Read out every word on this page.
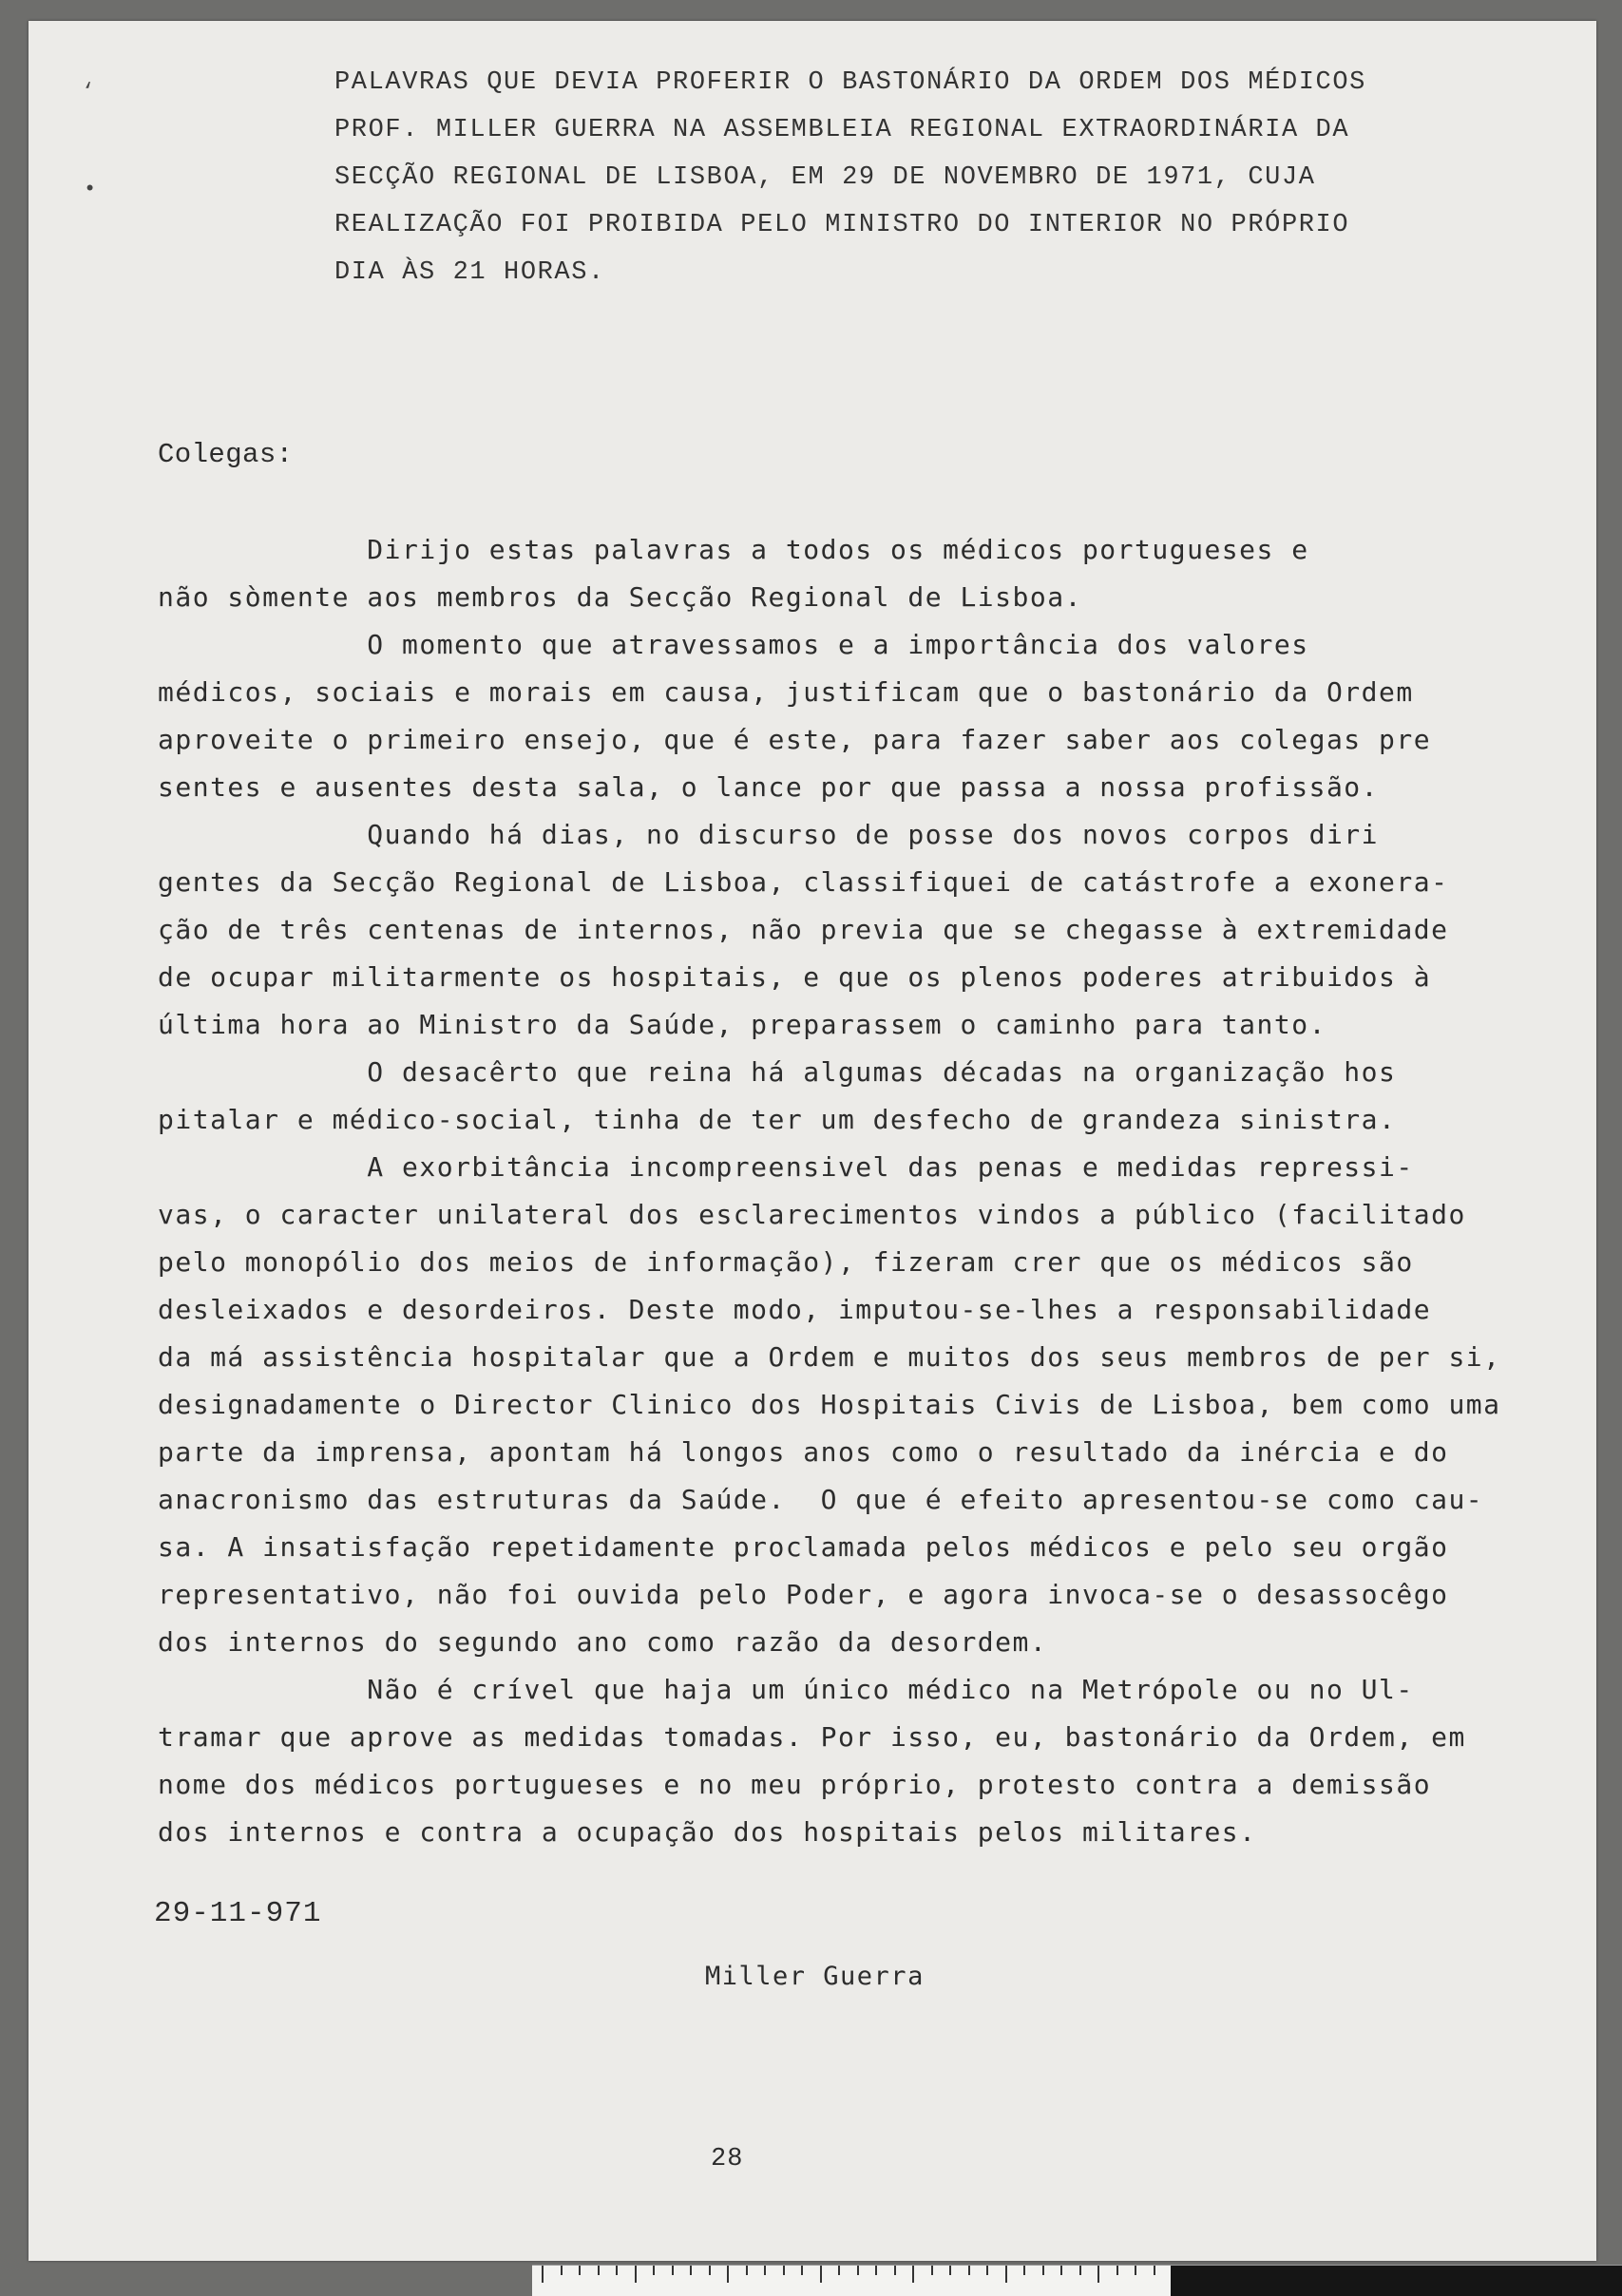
‘
•
PALAVRAS QUE DEVIA PROFERIR O BASTONÁRIO DA ORDEM DOS MÉDICOS
PROF. MILLER GUERRA NA ASSEMBLEIA REGIONAL EXTRAORDINÁRIA DA
SECÇÃO REGIONAL DE LISBOA, EM 29 DE NOVEMBRO DE 1971, CUJA
REALIZAÇÃO FOI PROIBIDA PELO MINISTRO DO INTERIOR NO PRÓPRIO
DIA ÀS 21 HORAS.
Colegas:
Dirijo estas palavras a todos os médicos portugueses e
não sòmente aos membros da Secção Regional de Lisboa.
O momento que atravessamos e a importância dos valores
médicos, sociais e morais em causa, justificam que o bastonário da Ordem
aproveite o primeiro ensejo, que é este, para fazer saber aos colegas pre
sentes e ausentes desta sala, o lance por que passa a nossa profissão.
Quando há dias, no discurso de posse dos novos corpos diri
gentes da Secção Regional de Lisboa, classifiquei de catástrofe a exonera-
ção de três centenas de internos, não previa que se chegasse à extremidade
de ocupar militarmente os hospitais, e que os plenos poderes atribuidos à
última hora ao Ministro da Saúde, preparassem o caminho para tanto.
O desacêrto que reina há algumas décadas na organização hos
pitalar e médico-social, tinha de ter um desfecho de grandeza sinistra.
A exorbitância incompreensivel das penas e medidas repressi-
vas, o caracter unilateral dos esclarecimentos vindos a público (facilitado
pelo monopólio dos meios de informação), fizeram crer que os médicos são
desleixados e desordeiros. Deste modo, imputou-se-lhes a responsabilidade
da má assistência hospitalar que a Ordem e muitos dos seus membros de per si,
designadamente o Director Clinico dos Hospitais Civis de Lisboa, bem como uma
parte da imprensa, apontam há longos anos como o resultado da inércia e do
anacronismo das estruturas da Saúde.  O que é efeito apresentou-se como cau-
sa. A insatisfação repetidamente proclamada pelos médicos e pelo seu orgão
representativo, não foi ouvida pelo Poder, e agora invoca-se o desassocêgo
dos internos do segundo ano como razão da desordem.
Não é crível que haja um único médico na Metrópole ou no Ul-
tramar que aprove as medidas tomadas. Por isso, eu, bastonário da Ordem, em
nome dos médicos portugueses e no meu próprio, protesto contra a demissão
dos internos e contra a ocupação dos hospitais pelos militares.
29-11-971
Miller Guerra
28
